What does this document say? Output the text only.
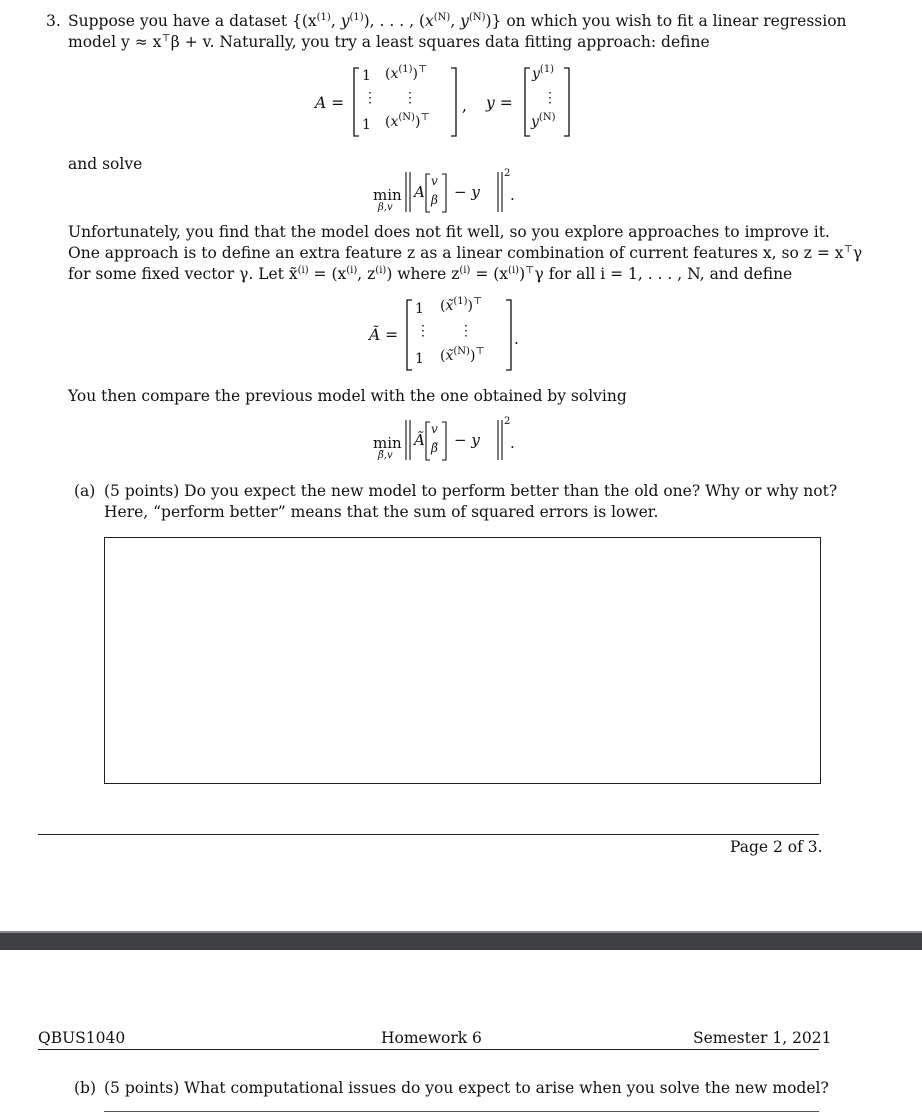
3. Suppose you have a dataset {($x^{(1)}$, $y^{(1)}$), . . . , ($x^{(N)}$, $y^{(N)}$)} on which you wish to fit a linear regression
model y ≈ x⊤β + v. Naturally, you try a least squares data fitting approach: define
A =
1 $(x^{(1)})^⊤$
⋮ ⋮
1 $(x^{(N)})^⊤$
, y =
$y^{(1)}$
⋮
$y^{(N)}$
and solve
min
β,v
A
v
β − y
2
.
Unfortunately, you find that the model does not fit well, so you explore approaches to improve it.
One approach is to define an extra feature z as a linear combination of current features x, so z = x⊤γ
for some fixed vector γ. Let x̃$^{(i)}$ = ($x^{(i)}$, $z^{(i)}$) where $z^{(i)} = (x^{(i)})^⊤\gamma$ for all i = 1, . . . , N, and define
Ã =
1 (x̃$^{(1)}$)⊤
⋮ ⋮
1 (x̃$^{(N)}$)⊤
.
You then compare the previous model with the one obtained by solving
min
β̃,v
Ã
v
β̃ − y
2
.
(a) (5 points) Do you expect the new model to perform better than the old one? Why or why not?
Here, “perform better” means that the sum of squared errors is lower.
Page 2 of 3.
QBUS1040	Homework 6	Semester 1, 2021
(b) (5 points) What computational issues do you expect to arise when you solve the new model?
